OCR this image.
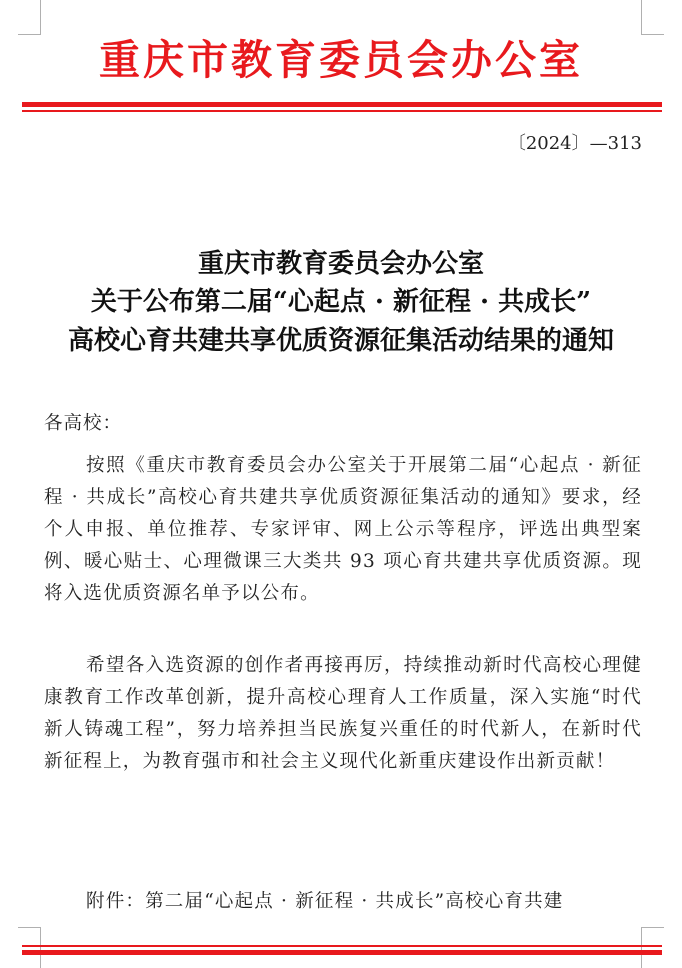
重庆市教育委员会办公室
〔2024〕—313
重庆市教育委员会办公室
关于公布第二届“心起点 · 新征程 · 共成长”
高校心育共建共享优质资源征集活动结果的通知
各高校：

按照《重庆市教育委员会办公室关于开展第二届“心起点 · 新征程 · 共成长”高校心育共建共享优质资源征集活动的通知》要求，经个人申报、单位推荐、专家评审、网上公示等程序，评选出典型案例、暖心贴士、心理微课三大类共 93 项心育共建共享优质资源。现将入选优质资源名单予以公布。

希望各入选资源的创作者再接再厉，持续推动新时代高校心理健康教育工作改革创新，提升高校心理育人工作质量，深入实施“时代新人铸魂工程”，努力培养担当民族复兴重任的时代新人，在新时代新征程上，为教育强市和社会主义现代化新重庆建设作出新贡献！

附件：第二届“心起点 · 新征程 · 共成长”高校心育共建
